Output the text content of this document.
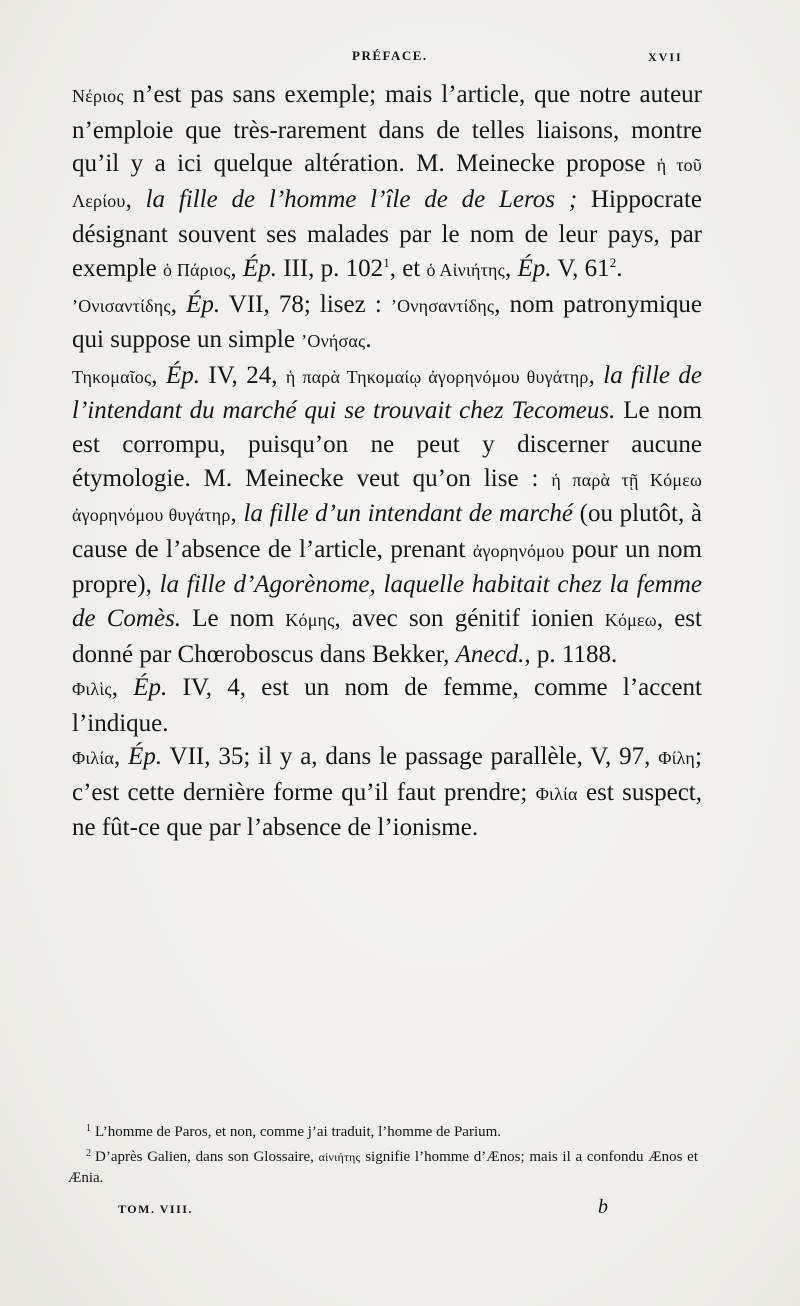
PRÉFACE.	XVII

Νέριος n’est pas sans exemple; mais l’article, que notre auteur n’emploie que très-rarement dans de telles liaisons, montre qu’il y a ici quelque altération. M. Meinecke propose ἡ τοῦ Λερίου, la fille de l’homme l’île de de Leros ; Hippocrate désignant souvent ses malades par le nom de leur pays, par exemple ὁ Πάριος, Ép. III, p. $102^1$, et ὁ Αἰνιήτης, Ép. V, $61^2$.

’Ονισαντίδης, Ép. VII, 78; lisez : ’Ονησαντίδης, nom patronymique qui suppose un simple ’Ονήσας.

Τηκομαῖος, Ép. IV, 24, ἡ παρὰ Τηκομαίῳ ἀγορηνόμου θυγάτηρ, la fille de l’intendant du marché qui se trouvait chez Tecomeus. Le nom est corrompu, puisqu’on ne peut y discerner aucune étymologie. M. Meinecke veut qu’on lise : ἡ παρὰ τῇ Κόμεω ἀγορηνόμου θυγάτηρ, la fille d’un intendant de marché (ou plutôt, à cause de l’absence de l’article, prenant ἀγορηνόμου pour un nom propre), la fille d’Agorènome, laquelle habitait chez la femme de Comès. Le nom Κόμης, avec son génitif ionien Κόμεω, est donné par Chœroboscus dans Bekker, Anecd., p. 1188.

Φιλὶς, Ép. IV, 4, est un nom de femme, comme l’accent l’indique.

Φιλία, Ép. VII, 35; il y a, dans le passage parallèle, V, 97, Φίλη; c’est cette dernière forme qu’il faut prendre; Φιλία est suspect, ne fût-ce que par l’absence de l’ionisme.

$^1$ L’homme de Paros, et non, comme j’ai traduit, l’homme de Parium.

$^2$ D’après Galien, dans son Glossaire, αἰνιήτης signifie l’homme d’Ænos; mais il a confondu Ænos et Ænia.

TOM. VIII.	b
